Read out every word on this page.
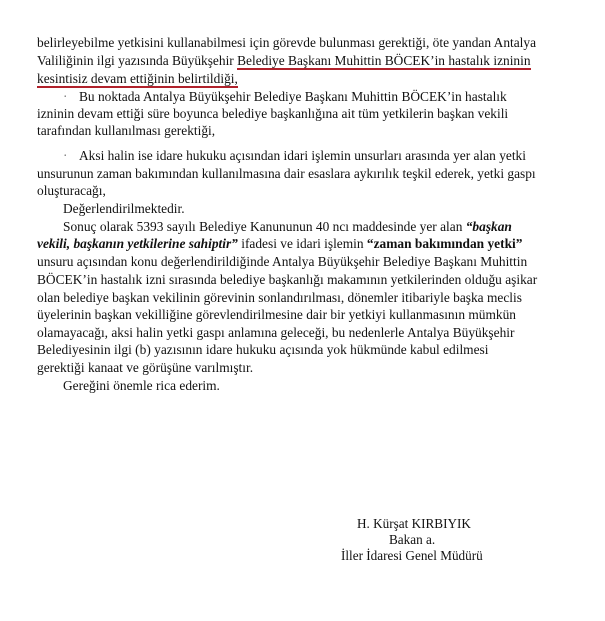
belirleyebilme yetkisini kullanabilmesi için görevde bulunması gerektiği, öte yandan Antalya
Valiliğinin ilgi yazısında Büyükşehir Belediye Başkanı Muhittin BÖCEK’in hastalık izninin
kesintisiz devam ettiğinin belirtildiği,
· Bu noktada Antalya Büyükşehir Belediye Başkanı Muhittin BÖCEK’in hastalık
izninin devam ettiği süre boyunca belediye başkanlığına ait tüm yetkilerin başkan vekili
tarafından kullanılması gerektiği,
· Aksi halin ise idare hukuku açısından idari işlemin unsurları arasında yer alan yetki
unsurunun zaman bakımından kullanılmasına dair esaslara aykırılık teşkil ederek, yetki gaspı
oluşturacağı,
Değerlendirilmektedir.
Sonuç olarak 5393 sayılı Belediye Kanununun 40 ncı maddesinde yer alan “başkan
vekili, başkanın yetkilerine sahiptir” ifadesi ve idari işlemin “zaman bakımından yetki”
unsuru açısından konu değerlendirildiğinde Antalya Büyükşehir Belediye Başkanı Muhittin
BÖCEK’in hastalık izni sırasında belediye başkanlığı makamının yetkilerinden olduğu aşikar
olan belediye başkan vekilinin görevinin sonlandırılması, dönemler itibariyle başka meclis
üyelerinin başkan vekilliğine görevlendirilmesine dair bir yetkiyi kullanmasının mümkün
olamayacağı, aksi halin yetki gaspı anlamına geleceği, bu nedenlerle Antalya Büyükşehir
Belediyesinin ilgi (b) yazısının idare hukuku açısında yok hükmünde kabul edilmesi
gerektiği kanaat ve görüşüne varılmıştır.
Gereğini önemle rica ederim.
H. Kürşat KIRBIYIK
Bakan a.
İller İdaresi Genel Müdürü
